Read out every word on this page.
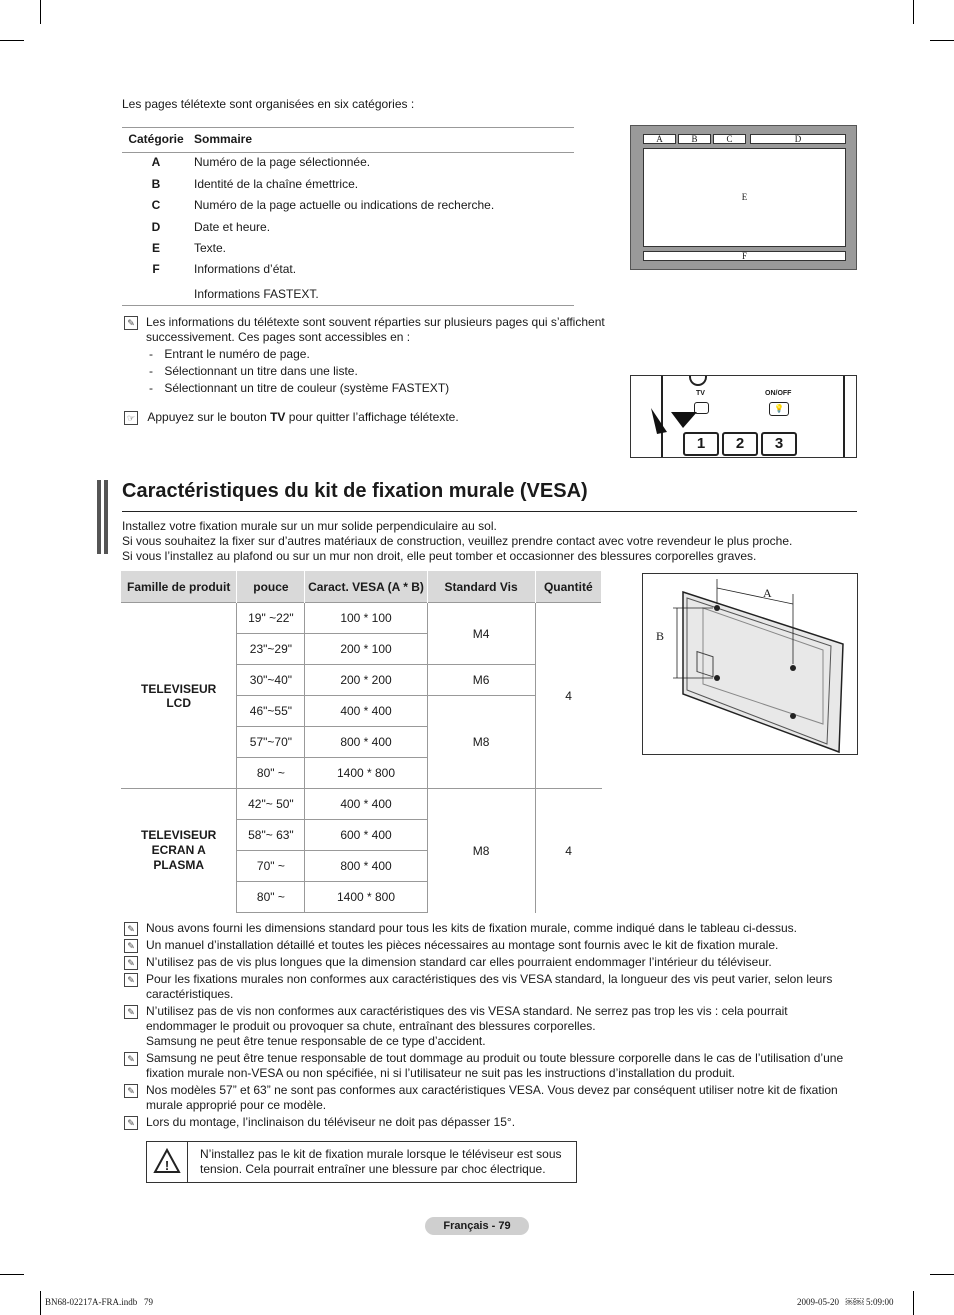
Les pages télétexte sont organisées en six catégories :
Catégorie Sommaire
A	Numéro de la page sélectionnée.
B	Identité de la chaîne émettrice.
C	Numéro de la page actuelle ou indications de recherche.
D	Date et heure.
E	Texte.
F	Informations d’état.
Informations FASTEXT.
A	B	C	D
E
F
✎ Les informations du télétexte sont souvent réparties sur plusieurs pages qui s’affichent
successivement. Ces pages sont accessibles en :
- Entrant le numéro de page.
- Sélectionnant un titre dans une liste.
- Sélectionnant un titre de couleur (système FASTEXT)
☞ Appuyez sur le bouton TV pour quitter l’affichage télétexte.
TV	ON/OFF
💡
1	2	3
Caractéristiques du kit de fixation murale (VESA)
Installez votre fixation murale sur un mur solide perpendiculaire au sol.
Si vous souhaitez la fixer sur d’autres matériaux de construction, veuillez prendre contact avec votre revendeur le plus proche.
Si vous l’installez au plafond ou sur un mur non droit, elle peut tomber et occasionner des blessures corporelles graves.
Famille de produit	pouce	Caract. VESA (A * B)	Standard Vis	Quantité
TELEVISEUR LCD	19" ~22"	100 * 100	M4	4
	23"~29"	200 * 100		
	30"~40"	200 * 200	M6	
	46"~55"	400 * 400	M8	
	57"~70"	800 * 400		
	80" ~	1400 * 800		

TELEVISEUR
ECRAN A
PLASMA	42"~ 50"	400 * 400	M8	4
	58"~ 63"	600 * 400		
	70" ~	800 * 400		
	80" ~	1400 * 800		
A
B
✎ Nous avons fourni les dimensions standard pour tous les kits de fixation murale, comme indiqué dans le tableau ci-dessus.
✎ Un manuel d’installation détaillé et toutes les pièces nécessaires au montage sont fournis avec le kit de fixation murale.
✎ N’utilisez pas de vis plus longues que la dimension standard car elles pourraient endommager l’intérieur du téléviseur.
✎ Pour les fixations murales non conformes aux caractéristiques des vis VESA standard, la longueur des vis peut varier, selon leurs
caractéristiques.
✎ N’utilisez pas de vis non conformes aux caractéristiques des vis VESA standard. Ne serrez pas trop les vis : cela pourrait
endommager le produit ou provoquer sa chute, entraînant des blessures corporelles.
Samsung ne peut être tenue responsable de ce type d’accident.
✎ Samsung ne peut être tenue responsable de tout dommage au produit ou toute blessure corporelle dans le cas de l’utilisation d’une
fixation murale non-VESA ou non spécifiée, ni si l’utilisateur ne suit pas les instructions d’installation du produit.
✎ Nos modèles 57” et 63” ne sont pas conformes aux caractéristiques VESA. Vous devez par conséquent utiliser notre kit de fixation
murale approprié pour ce modèle.
✎ Lors du montage, l’inclinaison du téléviseur ne doit pas dépasser 15°.
!
N’installez pas le kit de fixation murale lorsque le téléviseur est sous
tension. Cela pourrait entraîner une blessure par choc électrique.
Français - 79
BN68-02217A-FRA.indb   79	2009-05-20   ￼￼ 5:09:00
